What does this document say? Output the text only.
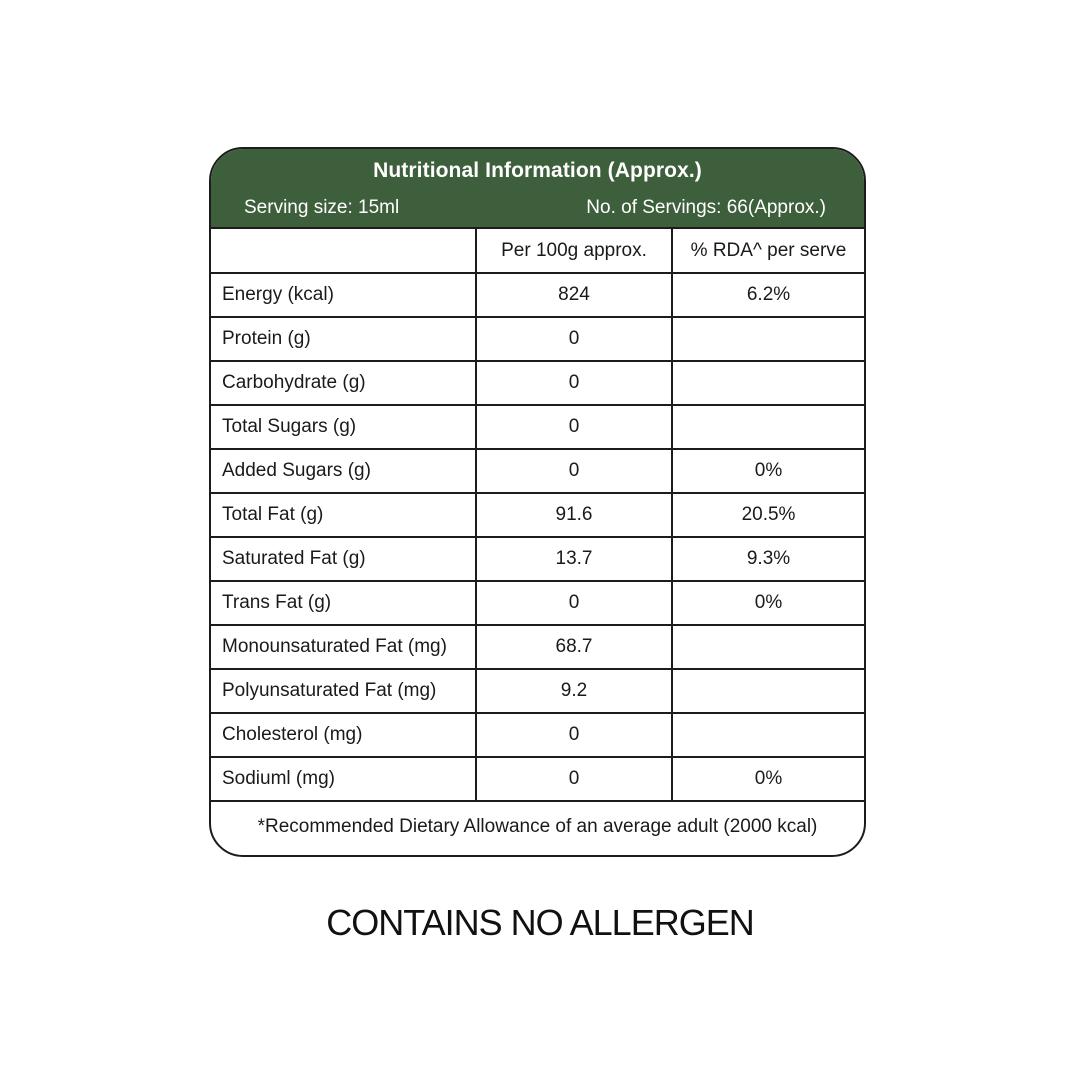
Nutritional Information (Approx.)
Serving size: 15ml	No. of Servings: 66(Approx.)
	Per 100g approx.	% RDA^ per serve
Energy (kcal)	824	6.2%
Protein (g)	0	
Carbohydrate (g)	0	
Total Sugars (g)	0	
Added Sugars (g)	0	0%
Total Fat (g)	91.6	20.5%
Saturated Fat (g)	13.7	9.3%
Trans Fat (g)	0	0%
Monounsaturated Fat (mg)	68.7	
Polyunsaturated Fat (mg)	9.2	
Cholesterol (mg)	0	
Sodiuml (mg)	0	0%
*Recommended Dietary Allowance of an average adult (2000 kcal)
CONTAINS NO ALLERGEN
